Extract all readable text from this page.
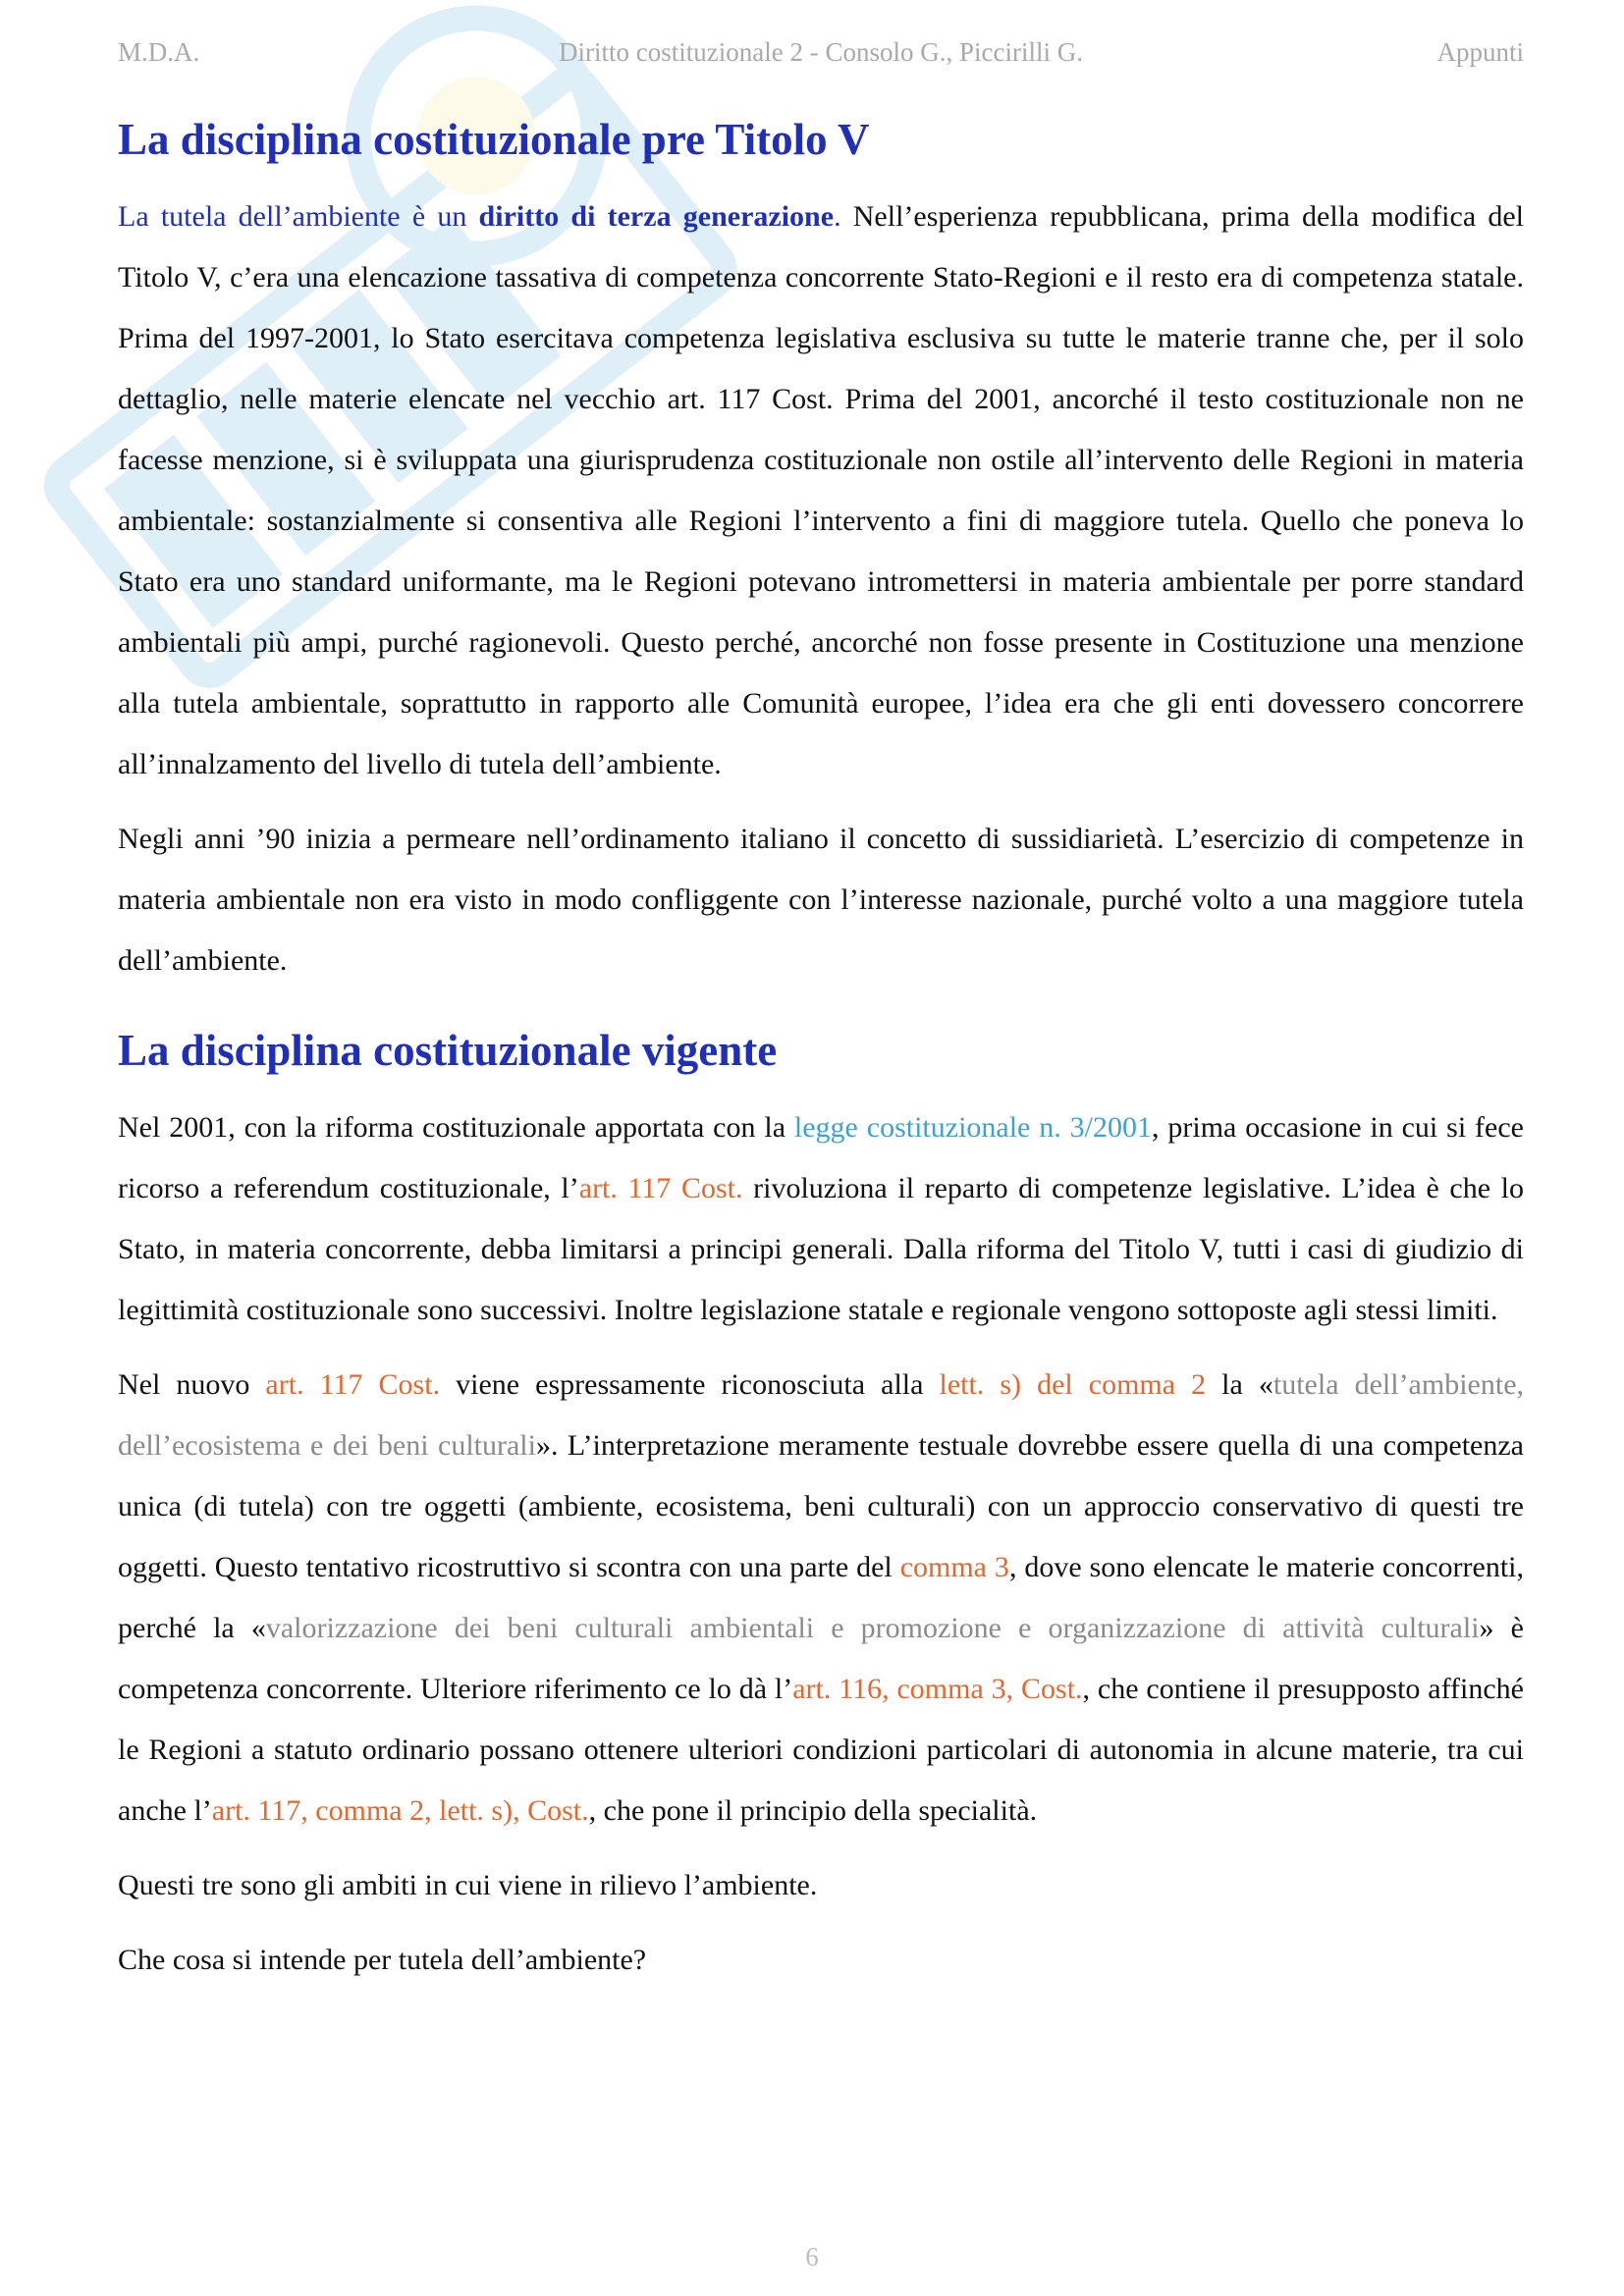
M.D.A.	Diritto costituzionale 2 - Consolo G., Piccirilli G.	Appunti
La disciplina costituzionale pre Titolo V

La tutela dell’ambiente è un diritto di terza generazione. Nell’esperienza repubblicana, prima della modifica del Titolo V, c’era una elencazione tassativa di competenza concorrente Stato-Regioni e il resto era di competenza statale. Prima del 1997-2001, lo Stato esercitava competenza legislativa esclusiva su tutte le materie tranne che, per il solo dettaglio, nelle materie elencate nel vecchio art. 117 Cost. Prima del 2001, ancorché il testo costituzionale non ne facesse menzione, si è sviluppata una giurisprudenza costituzionale non ostile all’intervento delle Regioni in materia ambientale: sostanzialmente si consentiva alle Regioni l’intervento a fini di maggiore tutela. Quello che poneva lo Stato era uno standard uniformante, ma le Regioni potevano intromettersi in materia ambientale per porre standard ambientali più ampi, purché ragionevoli. Questo perché, ancorché non fosse presente in Costituzione una menzione alla tutela ambientale, soprattutto in rapporto alle Comunità europee, l’idea era che gli enti dovessero concorrere all’innalzamento del livello di tutela dell’ambiente.

Negli anni ’90 inizia a permeare nell’ordinamento italiano il concetto di sussidiarietà. L’esercizio di competenze in materia ambientale non era visto in modo confliggente con l’interesse nazionale, purché volto a una maggiore tutela dell’ambiente.

La disciplina costituzionale vigente

Nel 2001, con la riforma costituzionale apportata con la legge costituzionale n. 3/2001, prima occasione in cui si fece ricorso a referendum costituzionale, l’art. 117 Cost. rivoluziona il reparto di competenze legislative. L’idea è che lo Stato, in materia concorrente, debba limitarsi a principi generali. Dalla riforma del Titolo V, tutti i casi di giudizio di legittimità costituzionale sono successivi. Inoltre legislazione statale e regionale vengono sottoposte agli stessi limiti.

Nel nuovo art. 117 Cost. viene espressamente riconosciuta alla lett. s) del comma 2 la «tutela dell’ambiente, dell’ecosistema e dei beni culturali». L’interpretazione meramente testuale dovrebbe essere quella di una competenza unica (di tutela) con tre oggetti (ambiente, ecosistema, beni culturali) con un approccio conservativo di questi tre oggetti. Questo tentativo ricostruttivo si scontra con una parte del comma 3, dove sono elencate le materie concorrenti, perché la «valorizzazione dei beni culturali ambientali e promozione e organizzazione di attività culturali» è competenza concorrente. Ulteriore riferimento ce lo dà l’art. 116, comma 3, Cost., che contiene il presupposto affinché le Regioni a statuto ordinario possano ottenere ulteriori condizioni particolari di autonomia in alcune materie, tra cui anche l’art. 117, comma 2, lett. s), Cost., che pone il principio della specialità.

Questi tre sono gli ambiti in cui viene in rilievo l’ambiente.

Che cosa si intende per tutela dell’ambiente?

6
